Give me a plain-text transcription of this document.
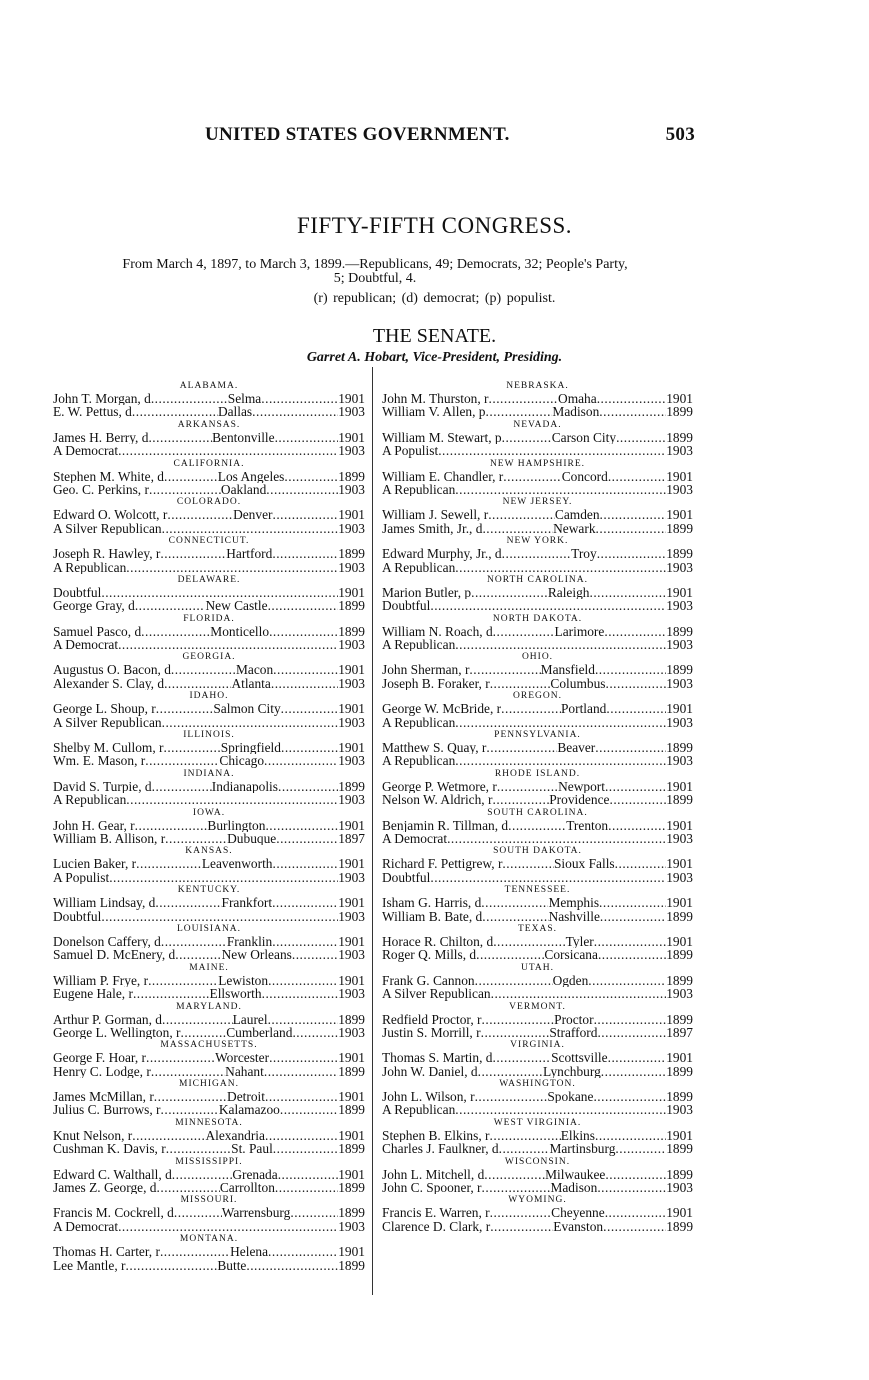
UNITED STATES GOVERNMENT.	503
FIFTY-FIFTH CONGRESS.
From March 4, 1897, to March 3, 1899.—Republicans, 49; Democrats, 32; People's Party,
5; Doubtful, 4.
(r) republican; (d) democrat; (p) populist.
THE SENATE.
Garret A. Hobart, Vice-President, Presiding.
ALABAMA.
John T. Morgan, d .....	Selma .....	1901
E. W. Pettus, d .....	Dallas .....	1903
ARKANSAS.
James H. Berry, d .....	Bentonville .....	1901
A Democrat .....	1903
CALIFORNIA.
Stephen M. White, d .....	Los Angeles .....	1899
Geo. C. Perkins, r .....	Oakland .....	1903
COLORADO.
Edward O. Wolcott, r .....	Denver .....	1901
A Silver Republican .....	1903
CONNECTICUT.
Joseph R. Hawley, r .....	Hartford .....	1899
A Republican .....	1903
DELAWARE.
Doubtful .....	1901
George Gray, d .....	New Castle .....	1899
FLORIDA.
Samuel Pasco, d .....	Monticello .....	1899
A Democrat .....	1903
GEORGIA.
Augustus O. Bacon, d .....	Macon .....	1901
Alexander S. Clay, d .....	Atlanta .....	1903
IDAHO.
George L. Shoup, r .....	Salmon City .....	1901
A Silver Republican .....	1903
ILLINOIS.
Shelby M. Cullom, r .....	Springfield .....	1901
Wm. E. Mason, r .....	Chicago .....	1903
INDIANA.
David S. Turpie, d .....	Indianapolis .....	1899
A Republican .....	1903
IOWA.
John H. Gear, r .....	Burlington .....	1901
William B. Allison, r .....	Dubuque .....	1897
KANSAS.
Lucien Baker, r .....	Leavenworth .....	1901
A Populist .....	1903
KENTUCKY.
William Lindsay, d .....	Frankfort .....	1901
Doubtful .....	1903
LOUISIANA.
Donelson Caffery, d .....	Franklin .....	1901
Samuel D. McEnery, d .....	New Orleans .....	1903
MAINE.
William P. Frye, r .....	Lewiston .....	1901
Eugene Hale, r .....	Ellsworth .....	1903
MARYLAND.
Arthur P. Gorman, d .....	Laurel .....	1899
George L. Wellington, r .....	Cumberland .....	1903
MASSACHUSETTS.
George F. Hoar, r .....	Worcester .....	1901
Henry C. Lodge, r .....	Nahant .....	1899
MICHIGAN.
James McMillan, r .....	Detroit .....	1901
Julius C. Burrows, r .....	Kalamazoo .....	1899
MINNESOTA.
Knut Nelson, r .....	Alexandria .....	1901
Cushman K. Davis, r .....	St. Paul .....	1899
MISSISSIPPI.
Edward C. Walthall, d .....	Grenada .....	1901
James Z. George, d .....	Carrollton .....	1899
MISSOURI.
Francis M. Cockrell, d .....	Warrensburg .....	1899
A Democrat .....	1903
MONTANA.
Thomas H. Carter, r .....	Helena .....	1901
Lee Mantle, r .....	Butte .....	1899
NEBRASKA.
John M. Thurston, r .....	Omaha .....	1901
William V. Allen, p .....	Madison .....	1899
NEVADA.
William M. Stewart, p .....	Carson City .....	1899
A Populist .....	1903
NEW HAMPSHIRE.
William E. Chandler, r .....	Concord .....	1901
A Republican .....	1903
NEW JERSEY.
William J. Sewell, r .....	Camden .....	1901
James Smith, Jr., d .....	Newark .....	1899
NEW YORK.
Edward Murphy, Jr., d .....	Troy .....	1899
A Republican .....	1903
NORTH CAROLINA.
Marion Butler, p .....	Raleigh .....	1901
Doubtful .....	1903
NORTH DAKOTA.
William N. Roach, d .....	Larimore .....	1899
A Republican .....	1903
OHIO.
John Sherman, r .....	Mansfield .....	1899
Joseph B. Foraker, r .....	Columbus .....	1903
OREGON.
George W. McBride, r .....	Portland .....	1901
A Republican .....	1903
PENNSYLVANIA.
Matthew S. Quay, r .....	Beaver .....	1899
A Republican .....	1903
RHODE ISLAND.
George P. Wetmore, r .....	Newport .....	1901
Nelson W. Aldrich, r .....	Providence .....	1899
SOUTH CAROLINA.
Benjamin R. Tillman, d .....	Trenton .....	1901
A Democrat .....	1903
SOUTH DAKOTA.
Richard F. Pettigrew, r .....	Sioux Falls .....	1901
Doubtful .....	1903
TENNESSEE.
Isham G. Harris, d .....	Memphis .....	1901
William B. Bate, d .....	Nashville .....	1899
TEXAS.
Horace R. Chilton, d .....	Tyler .....	1901
Roger Q. Mills, d .....	Corsicana .....	1899
UTAH.
Frank G. Cannon .....	Ogden .....	1899
A Silver Republican .....	1903
VERMONT.
Redfield Proctor, r .....	Proctor .....	1899
Justin S. Morrill, r .....	Strafford .....	1897
VIRGINIA.
Thomas S. Martin, d .....	Scottsville .....	1901
John W. Daniel, d .....	Lynchburg .....	1899
WASHINGTON.
John L. Wilson, r .....	Spokane .....	1899
A Republican .....	1903
WEST VIRGINIA.
Stephen B. Elkins, r .....	Elkins .....	1901
Charles J. Faulkner, d .....	Martinsburg .....	1899
WISCONSIN.
John L. Mitchell, d .....	Milwaukee .....	1899
John C. Spooner, r .....	Madison .....	1903
WYOMING.
Francis E. Warren, r .....	Cheyenne .....	1901
Clarence D. Clark, r .....	Evanston .....	1899
